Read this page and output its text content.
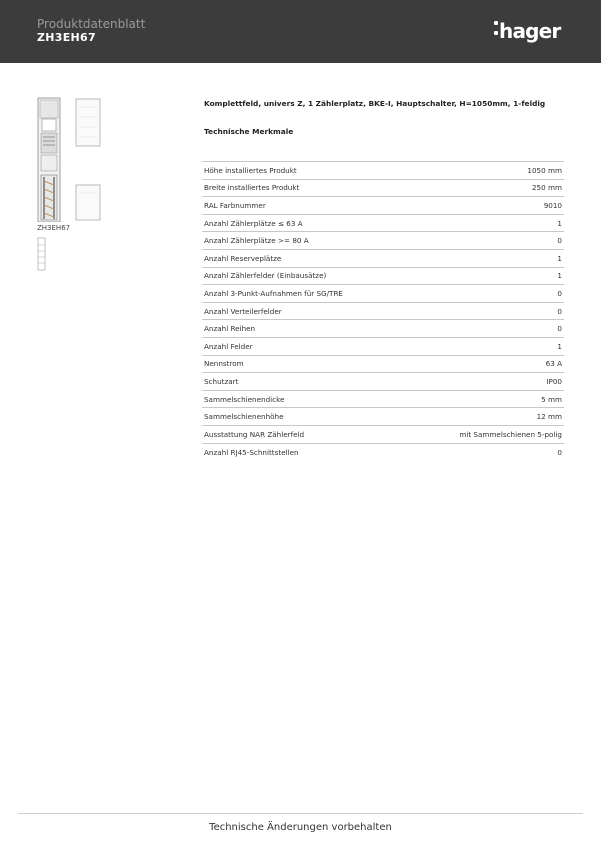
Produktdatenblatt
ZH3EH67	hager
ZH3EH67
Komplettfeld, univers Z, 1 Zählerplatz, BKE-I, Hauptschalter, H=1050mm, 1-feldig
Technische Merkmale
Höhe installiertes Produkt	1050 mm
Breite installiertes Produkt	250 mm
RAL Farbnummer	9010
Anzahl Zählerplätze ≤ 63 A	1
Anzahl Zählerplätze >= 80 A	0
Anzahl Reserveplätze	1
Anzahl Zählerfelder (Einbausätze)	1
Anzahl 3-Punkt-Aufnahmen für SG/TRE	0
Anzahl Verteilerfelder	0
Anzahl Reihen	0
Anzahl Felder	1
Nennstrom	63 A
Schutzart	IP00
Sammelschienendicke	5 mm
Sammelschienenhöhe	12 mm
Ausstattung NAR Zählerfeld	mit Sammelschienen 5-polig
Anzahl RJ45-Schnittstellen	0
Technische Änderungen vorbehalten
